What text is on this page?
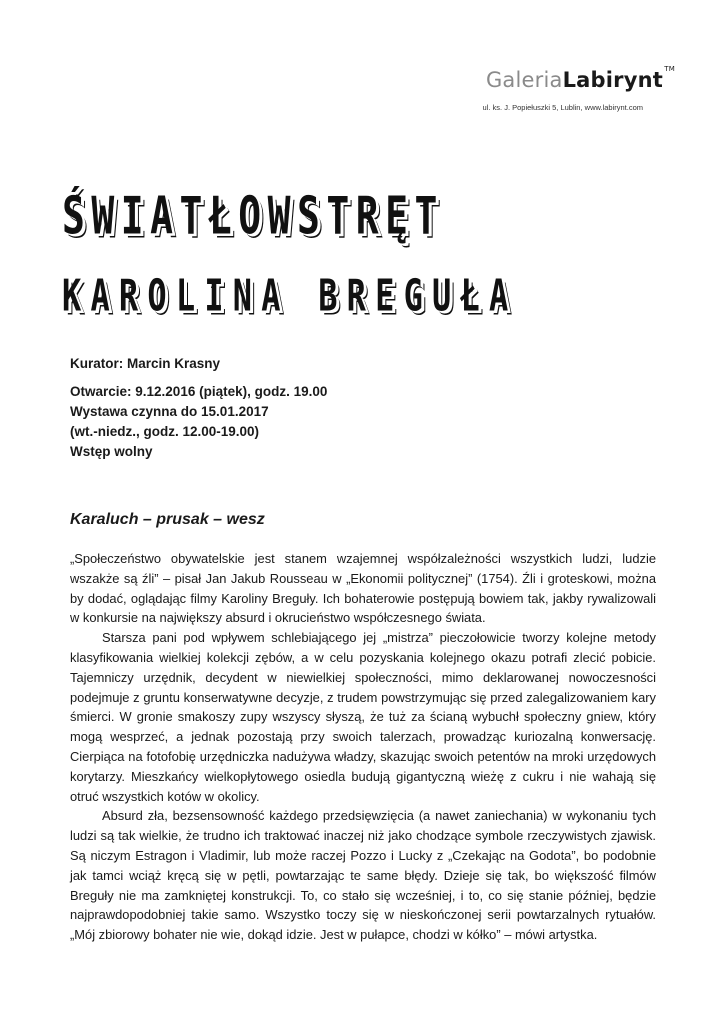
GaleriaLabirynt TM
ul. ks. J. Popiełuszki 5, Lublin, www.labirynt.com
ŚWIATŁOWSTRĘT
KAROLINA BREGUŁA
Kurator: Marcin Krasny
Otwarcie: 9.12.2016 (piątek), godz. 19.00
Wystawa czynna do 15.01.2017
(wt.-niedz., godz. 12.00-19.00)
Wstęp wolny
Karaluch – prusak – wesz

„Społeczeństwo obywatelskie jest stanem wzajemnej współzależności wszystkich ludzi, ludzie wszakże są źli” – pisał Jan Jakub Rousseau w „Ekonomii politycznej” (1754). Źli i groteskowi, można by dodać, oglądając filmy Karoliny Breguły. Ich bohaterowie postępują bowiem tak, jakby rywalizowali w konkursie na największy absurd i okrucieństwo współczesnego świata.

Starsza pani pod wpływem schlebiającego jej „mistrza” pieczołowicie tworzy kolejne metody klasyfikowania wielkiej kolekcji zębów, a w celu pozyskania kolejnego okazu potrafi zlecić pobicie. Tajemniczy urzędnik, decydent w niewielkiej społeczności, mimo deklarowanej nowoczesności podejmuje z gruntu konserwatywne decyzje, z trudem powstrzymując się przed zalegalizowaniem kary śmierci. W gronie smakoszy zupy wszyscy słyszą, że tuż za ścianą wybuchł społeczny gniew, który mogą wesprzeć, a jednak pozostają przy swoich talerzach, prowadząc kuriozalną konwersację. Cierpiąca na fotofobię urzędniczka nadużywa władzy, skazując swoich petentów na mroki urzędowych korytarzy. Mieszkańcy wielkopłytowego osiedla budują gigantyczną wieżę z cukru i nie wahają się otruć wszystkich kotów w okolicy.

Absurd zła, bezsensowność każdego przedsięwzięcia (a nawet zaniechania) w wykonaniu tych ludzi są tak wielkie, że trudno ich traktować inaczej niż jako chodzące symbole rzeczywistych zjawisk. Są niczym Estragon i Vladimir, lub może raczej Pozzo i Lucky z „Czekając na Godota”, bo podobnie jak tamci wciąż kręcą się w pętli, powtarzając te same błędy. Dzieje się tak, bo większość filmów Breguły nie ma zamkniętej konstrukcji. To, co stało się wcześniej, i to, co się stanie później, będzie najprawdopodobniej takie samo. Wszystko toczy się w nieskończonej serii powtarzalnych rytuałów. „Mój zbiorowy bohater nie wie, dokąd idzie. Jest w pułapce, chodzi w kółko” – mówi artystka.
